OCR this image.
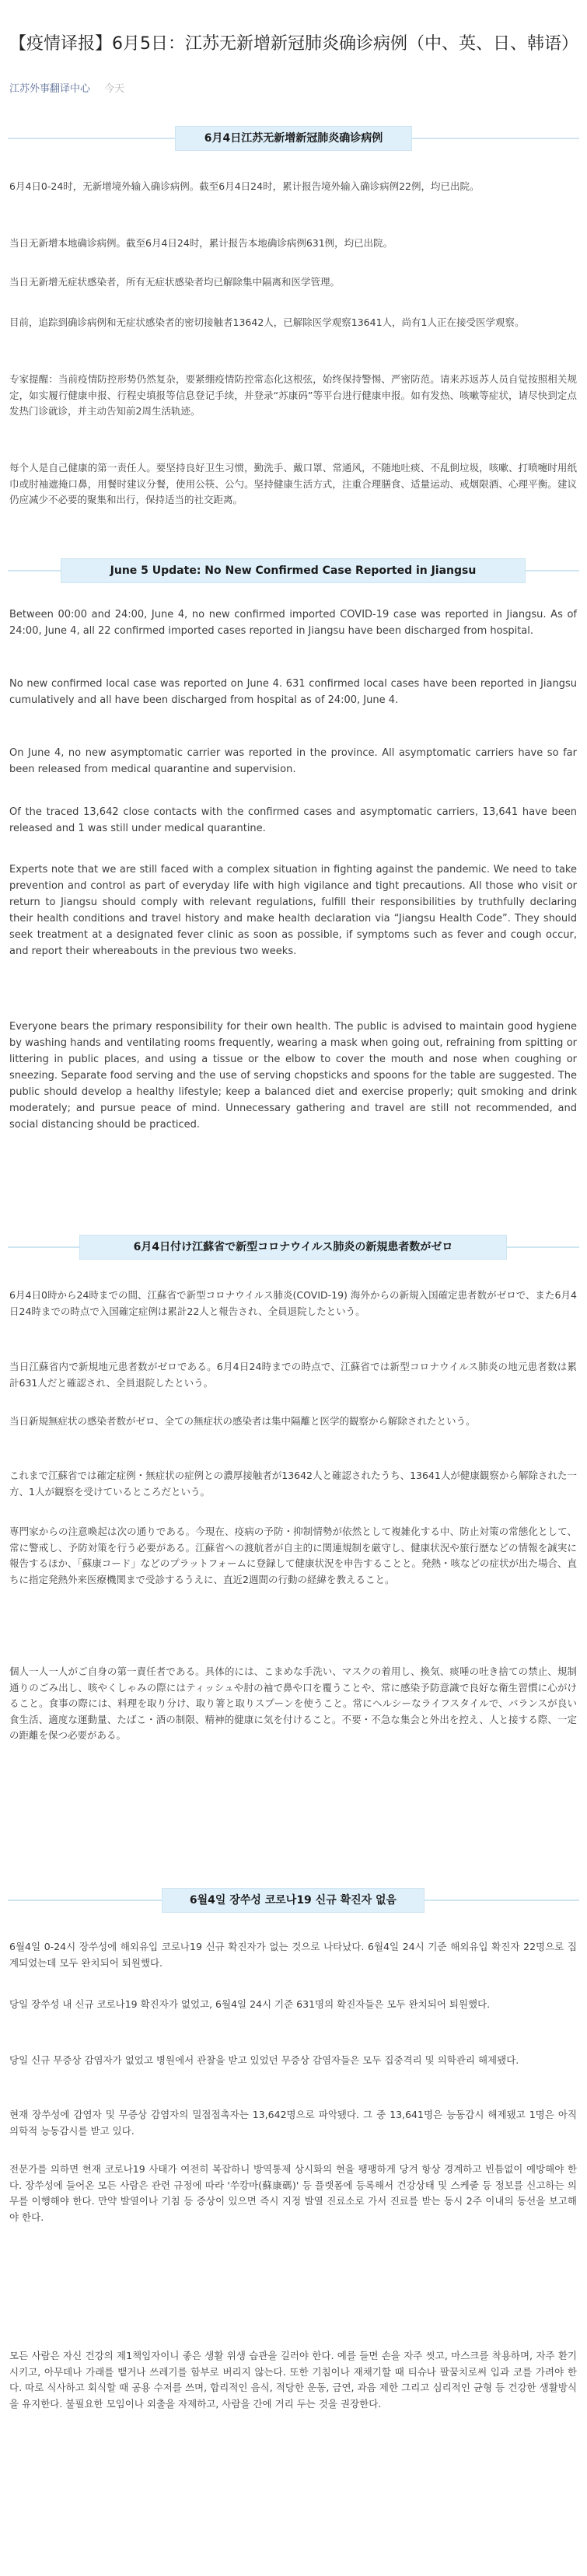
【疫情译报】6月5日：江苏无新增新冠肺炎确诊病例（中、英、日、韩语）
江苏外事翻译中心 今天
6月4日江苏无新增新冠肺炎确诊病例

6月4日0-24时，无新增境外输入确诊病例。截至6月4日24时，累计报告境外输入确诊病例22例，均已出院。

当日无新增本地确诊病例。截至6月4日24时，累计报告本地确诊病例631例，均已出院。

当日无新增无症状感染者，所有无症状感染者均已解除集中隔离和医学管理。

目前，追踪到确诊病例和无症状感染者的密切接触者13642人，已解除医学观察13641人，尚有1人正在接受医学观察。

专家提醒：当前疫情防控形势仍然复杂，要紧绷疫情防控常态化这根弦，始终保持警惕、严密防范。请来苏返苏人员自觉按照相关规定，如实履行健康申报、行程史填报等信息登记手续，并登录“苏康码”等平台进行健康申报。如有发热、咳嗽等症状，请尽快到定点发热门诊就诊，并主动告知前2周生活轨迹。

每个人是自己健康的第一责任人。要坚持良好卫生习惯，勤洗手、戴口罩、常通风，不随地吐痰、不乱倒垃圾，咳嗽、打喷嚏时用纸巾或肘袖遮掩口鼻，用餐时建议分餐，使用公筷、公勺。坚持健康生活方式，注重合理膳食、适量运动、戒烟限酒、心理平衡。建议仍应减少不必要的聚集和出行，保持适当的社交距离。

June 5 Update: No New Confirmed Case Reported in Jiangsu

Between 00:00 and 24:00, June 4, no new confirmed imported COVID-19 case was reported in Jiangsu. As of 24:00, June 4, all 22 confirmed imported cases reported in Jiangsu have been discharged from hospital.

No new confirmed local case was reported on June 4. 631 confirmed local cases have been reported in Jiangsu cumulatively and all have been discharged from hospital as of 24:00, June 4.

On June 4, no new asymptomatic carrier was reported in the province. All asymptomatic carriers have so far been released from medical quarantine and supervision.

Of the traced 13,642 close contacts with the confirmed cases and asymptomatic carriers, 13,641 have been released and 1 was still under medical quarantine.

Experts note that we are still faced with a complex situation in fighting against the pandemic. We need to take prevention and control as part of everyday life with high vigilance and tight precautions. All those who visit or return to Jiangsu should comply with relevant regulations, fulfill their responsibilities by truthfully declaring their health conditions and travel history and make health declaration via “Jiangsu Health Code”. They should seek treatment at a designated fever clinic as soon as possible, if symptoms such as fever and cough occur, and report their whereabouts in the previous two weeks.

Everyone bears the primary responsibility for their own health. The public is advised to maintain good hygiene by washing hands and ventilating rooms frequently, wearing a mask when going out, refraining from spitting or littering in public places, and using a tissue or the elbow to cover the mouth and nose when coughing or sneezing. Separate food serving and the use of serving chopsticks and spoons for the table are suggested. The public should develop a healthy lifestyle; keep a balanced diet and exercise properly; quit smoking and drink moderately; and pursue peace of mind. Unnecessary gathering and travel are still not recommended, and social distancing should be practiced.

6月4日付け江蘇省で新型コロナウイルス肺炎の新規患者数がゼロ

6月4日0時から24時までの間、江蘇省で新型コロナウイルス肺炎(COVID-19) 海外からの新規入国確定患者数がゼロで、また6月4日24時までの時点で入国確定症例は累計22人と報告され、全員退院したという。

当日江蘇省内で新規地元患者数がゼロである。6月4日24時までの時点で、江蘇省では新型コロナウイルス肺炎の地元患者数は累計631人だと確認され、全員退院したという。

当日新規無症状の感染者数がゼロ、全ての無症状の感染者は集中隔離と医学的観察から解除されたという。

これまで江蘇省では確定症例・無症状の症例との濃厚接触者が13642人と確認されたうち、13641人が健康観察から解除された一方、1人が観察を受けているところだという。

専門家からの注意喚起は次の通りである。今現在、疫病の予防・抑制情勢が依然として複雑化する中、防止対策の常態化として、常に警戒し、予防対策を行う必要がある。江蘇省への渡航者が自主的に関連規制を厳守し、健康状況や旅行歴などの情報を誠実に報告するほか、「蘇康コード」などのプラットフォームに登録して健康状況を申告することと。発熱・咳などの症状が出た場合、直ちに指定発熱外来医療機関まで受診するうえに、直近2週間の行動の経緯を教えること。

個人一人一人がご自身の第一責任者である。具体的には、こまめな手洗い、マスクの着用し、換気、痰唾の吐き捨ての禁止、規制通りのごみ出し、咳やくしゃみの際にはティッシュや肘の袖で鼻や口を覆うことや、常に感染予防意識で良好な衛生習慣に心がけること。食事の際には、料理を取り分け、取り箸と取りスプーンを使うこと。常にヘルシーなライフスタイルで、バランスが良い食生活、適度な運動量、たばこ・酒の制限、精神的健康に気を付けること。不要・不急な集会と外出を控え、人と接する際、一定の距離を保つ必要がある。

6월4일 장쑤성 코로나19 신규 확진자 없음

6월4일 0-24시 장쑤성에 해외유입 코로나19 신규 확진자가 없는 것으로 나타났다. 6월4일 24시 기준 해외유입 확진자 22명으로 집계되었는데 모두 완치되어 퇴원했다.

당일 장쑤성 내 신규 코로나19 확진자가 없었고, 6월4일 24시 기준 631명의 확진자들은 모두 완치되어 퇴원했다.

당일 신규 무증상 감염자가 없었고 병원에서 관찰을 받고 있었던 무증상 감염자들은 모두 집중격리 및 의학관리 해제됐다.

현재 장쑤성에 감염자 및 무증상 감염자의 밀접접촉자는 13,642명으로 파악됐다. 그 중 13,641명은 능동감시 해제됐고 1명은 아직 의학적 능동감시를 받고 있다.

전문가를 의하면 현재 코로나19 사태가 여전히 복잡하니 방역통제 상시화의 현을 팽팽하게 당겨 항상 경계하고 빈틈없이 예방해야 한다. 장쑤성에 들어온 모든 사람은 관련 규정에 따라 '쑤캉마(蘇康碼)' 등 플랫폼에 등록해서 건강상태 및 스케줄 등 정보를 신고하는 의무를 이행해야 한다. 만약 발열이나 기침 등 증상이 있으면 즉시 지정 발열 진료소로 가서 진료를 받는 동시 2주 이내의 동선을 보고해야 한다.

모든 사람은 자신 건강의 제1책임자이니 좋은 생활 위생 습관을 길러야 한다. 예를 들면 손을 자주 씻고, 마스크를 착용하며, 자주 환기시키고, 아무데나 가래를 뱉거나 쓰레기를 함부로 버리지 않는다. 또한 기침이나 재채기할 때 티슈나 팔꿈치로써 입과 코를 가려야 한다. 따로 식사하고 회식할 때 공용 수저를 쓰며, 합리적인 음식, 적당한 운동, 금연, 과음 제한 그리고 심리적인 균형 등 건강한 생활방식을 유지한다. 불필요한 모임이나 외출을 자제하고, 사람을 간에 거리 두는 것을 권장한다.
